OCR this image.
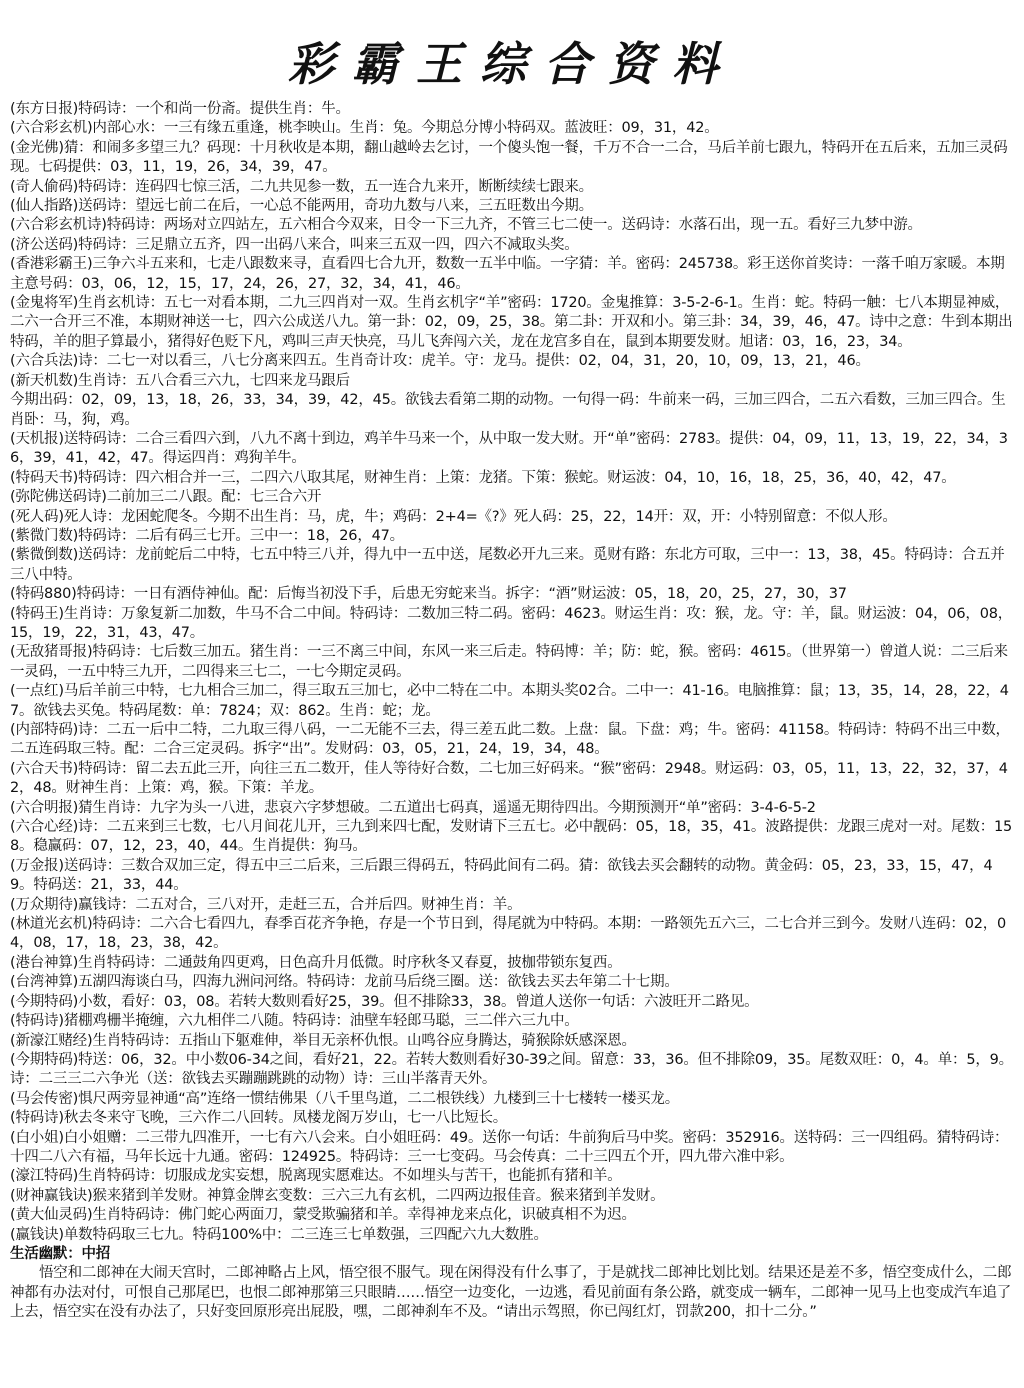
彩霸王综合资料

(东方日报)特码诗：一个和尚一份斋。提供生肖：牛。

(六合彩玄机)内部心水：一三有缘五重逢，桃李映山。生肖：兔。今期总分博小特码双。蓝波旺：09，31，42。

(金光佛)猜：和闹多多望三九？码现：十月秋收是本期，翻山越岭去乞讨，一个傻头饱一餐，千万不合一二合，马后羊前七跟九，特码开在五后来，五加三灵码现。七码提供：03，11，19，26，34，39，47。

(奇人偷码)特码诗：连码四七惊三活，二九共见参一数，五一连合九来开，断断续续七跟来。

(仙人指路)送码诗：望远七前二在后，一心总不能两用，奇功九数与八来，三五旺数出今期。

(六合彩玄机诗)特码诗：两场对立四站左，五六相合今双来，日令一下三九齐，不管三七二使一。送码诗：水落石出，现一五。看好三九梦中游。

(济公送码)特码诗：三足鼎立五齐，四一出码八来合，叫来三五双一四，四六不减取头奖。

(香港彩霸王)三争六斗五来和，七走八跟数来寻，直看四七合九开，数数一五半中临。一字猜：羊。密码：245738。彩王送你首奖诗：一落千咱万家暖。本期主意号码：03，06，12，15，17，24，26，27，32，34，41，46。

(金鬼将军)生肖玄机诗：五七一对看本期，二九三四肖对一双。生肖玄机字“羊”密码：1720。金鬼推算：3-5-2-6-1。生肖：蛇。特码一触：七八本期显神威，二六一合开三不准，本期财神送一七，四六公成送八九。第一卦：02，09，25，38。第二卦：开双和小。第三卦：34，39，46，47。诗中之意：牛到本期出特码，羊的胆子算最小，猪得好色贬下凡，鸡叫三声天快亮，马儿飞奔闯六关，龙在龙宫多自在，鼠到本期要发财。旭诸：03，16，23，34。

(六合兵法)诗：二七一对以看三，八七分离来四五。生肖奇计攻：虎羊。守：龙马。提供：02，04，31，20，10，09，13，21，46。

(新天机数)生肖诗：五八合看三六九，七四来龙马跟后

今期出码：02，09，13，18，26，33，34，39，42，45。欲钱去看第二期的动物。一句得一码：牛前来一码，三加三四合，二五六看数，三加三四合。生肖卧：马，狗，鸡。

(天机报)送特码诗：二合三看四六到，八九不离十到边，鸡羊牛马来一个，从中取一发大财。开“单”密码：2783。提供：04，09，11，13，19，22，34，36，39，41，42，47。得运四肖：鸡狗羊牛。

(特码天书)特码诗：四六相合并一三，二四六八取其尾，财神生肖：上策：龙猪。下策：猴蛇。财运波：04，10，16，18，25，36，40，42，47。

(弥陀佛送码诗)二前加三二八跟。配：七三合六开

(死人码)死人诗：龙困蛇爬冬。今期不出生肖：马，虎，牛；鸡码：2+4=《?》死人码：25，22，14开：双，开：小特别留意：不似人形。

(紫微门数)特码诗：二后有码三七开。三中一：18，26，47。

(紫微倒数)送码诗：龙前蛇后二中特，七五中特三八并，得九中一五中送，尾数必开九三来。觅财有路：东北方可取，三中一：13，38，45。特码诗：合五并三八中特。

(特码880)特码诗：一日有酒侍神仙。配：后悔当初没下手，后患无穷蛇来当。拆字：“酒”财运波：05，18，20，25，27，30，37

(特码王)生肖诗：万象复新二加数，牛马不合二中间。特码诗：二数加三特二码。密码：4623。财运生肖：攻：猴，龙。守：羊，鼠。财运波：04，06，08，15，19，22，31，43，47。

(无敌猪哥报)特码诗：七后数三加五。猪生肖：一三不离三中间，东风一来三后走。特码博：羊；防：蛇，猴。密码：4615。（世界第一）曾道人说：二三后来一灵码，一五中特三九开，二四得来三七二，一七今期定灵码。

(一点红)马后羊前三中特，七九相合三加二，得三取五三加七，必中二特在二中。本期头奖02合。二中一：41-16。电脑推算：鼠；13，35，14，28，22，47。欲钱去买兔。特码尾数：单：7824；双：862。生肖：蛇；龙。

(内部特码)诗：二五一后中二特，二九取三得八码，一二无能不三去，得三差五此二数。上盘：鼠。下盘：鸡；牛。密码：41158。特码诗：特码不出三中数，二五连码取三特。配：二合三定灵码。拆字“出”。发财码：03，05，21，24，19，34，48。

(六合天书)特码诗：留二去五此三开，向往三五二数开，佳人等待好合数，二七加三好码来。“猴”密码：2948。财运码：03，05，11，13，22，32，37，42，48。财神生肖：上策：鸡，猴。下策：羊龙。

(六合明报)猜生肖诗：九字为头一八进，悲哀六字梦想破。二五道出七码真，遥遥无期待四出。今期预测开“单”密码：3-4-6-5-2

(六合心经)诗：二五来到三七数，七八月间花儿开，三九到来四七配，发财请下三五七。必中靓码：05，18，35，41。波路提供：龙跟三虎对一对。尾数：158。稳赢码：07，12，23，40，44。生肖提供：狗马。

(万金报)送码诗：三数合双加三定，得五中三二后来，三后跟三得码五，特码此间有二码。猜：欲钱去买会翻转的动物。黄金码：05，23，33，15，47，49。特码送：21，33，44。

(万众期待)赢钱诗：二五对合，三八对开，走赶三五，合并后四。财神生肖：羊。

(林道光玄机)特码诗：二六合七看四九，春季百花齐争艳，存是一个节日到，得尾就为中特码。本期：一路领先五六三，二七合并三到今。发财八连码：02，04，08，17，18，23，38，42。

(港台神算)生肖特码诗：二通鼓角四更鸡，日色高升月低微。时序秋冬又春夏，披枷带锁东复西。

(台湾神算)五湖四海谈白马，四海九洲问河络。特码诗：龙前马后绕三圈。送：欲钱去买去年第二十七期。

(今期特码)小数，看好：03，08。若转大数则看好25，39。但不排除33，38。曾道人送你一句话：六波旺开二路见。

(特码诗)猪棚鸡栅半掩缠，六九相伴二八随。特码诗：油壁车轻郎马聪，三二伴六三九中。

(新濠江赌经)生肖特码诗：五指山下躯难伸，举目无亲杯仇恨。山鸣谷应身腾达，骑猴除妖感深恩。

(今期特码)特送：06，32。中小数06-34之间，看好21，22。若转大数则看好30-39之间。留意：33，36。但不排除09，35。尾数双旺：0，4。单：5，9。诗：二三三二六争光（送：欲钱去买蹦蹦跳跳的动物）诗：三山半落青天外。

(马会传密)惧尺两旁显神通“高”连络一惯结佛果（八千里鸟道，二二根铁线）九楼到三十七楼转一楼买龙。

(特码诗)秋去冬来守飞晚，三六作二八回转。凤楼龙阁万岁山，七一八比短长。

(白小姐)白小姐赠：二三带九四准开，一七有六八会来。白小姐旺码：49。送你一句话：牛前狗后马中奖。密码：352916。送特码：三一四组码。猜特码诗：十四二八六有福，马年长远十九通。密码：124925。特码诗：三一七变码。马会传真：二十三四五个开，四九带六准中彩。

(濠江特码)生肖特码诗：切服成龙实妄想，脱离现实愿难达。不如埋头与苦干，也能抓有猪和羊。

(财神赢钱诀)猴来猪到羊发财。神算金牌玄变数：三六三九有玄机，二四两边报佳音。猴来猪到羊发财。

(黄大仙灵码)生肖特码诗：佛门蛇心两面刀，蒙受欺骗猪和羊。幸得神龙来点化，识破真相不为迟。

(赢钱诀)单数特码取三七九。特码100%中：二三连三七单数强，三四配六九大数胜。

生活幽默：中招

悟空和二郎神在大闹天宫时，二郎神略占上风，悟空很不服气。现在闲得没有什么事了，于是就找二郎神比划比划。结果还是差不多，悟空变成什么，二郎神都有办法对付，可恨自己那尾巴，也恨二郎神那第三只眼睛……悟空一边变化，一边逃，看见前面有条公路，就变成一辆车，二郎神一见马上也变成汽车追了上去，悟空实在没有办法了，只好变回原形亮出屁股，嘿，二郎神刹车不及。“请出示驾照，你已闯红灯，罚款200，扣十二分。”
